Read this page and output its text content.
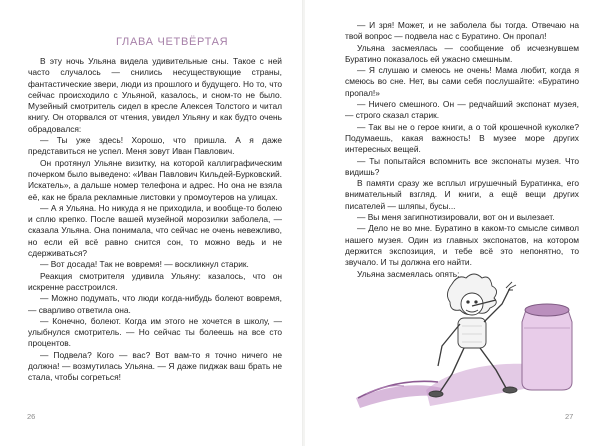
ГЛАВА ЧЕТВЁРТАЯ

В эту ночь Ульяна видела удивительные сны. Такое с ней часто случалось — снились несуществующие страны, фантастические звери, люди из прошлого и будущего. Но то, что сейчас происходило с Ульяной, казалось, и сном-то не было. Музейный смотритель сидел в кресле Алексея Толстого и читал книгу. Он оторвался от чтения, увидел Ульяну и как будто очень обрадовался:

— Ты уже здесь! Хорошо, что пришла. А я даже представиться не успел. Меня зовут Иван Павлович.

Он протянул Ульяне визитку, на которой каллиграфическим почерком было выведено: «Иван Павлович Кильдей-Бурковский. Искатель», а дальше номер телефона и адрес. Но она не взяла её, как не брала рекламные листовки у промоутеров на улицах.

— А я Ульяна. Но никуда я не приходила, и вообще-то болею и сплю крепко. После вашей музейной морозилки заболела, — сказала Ульяна. Она понимала, что сейчас не очень невежливо, но если ей всё равно снится сон, то можно ведь и не сдерживаться?

— Вот досада! Так не вовремя! — воскликнул старик.

Реакция смотрителя удивила Ульяну: казалось, что он искренне расстроился.

— Можно подумать, что люди когда-нибудь болеют вовремя, — сварливо ответила она.

— Конечно, болеют. Когда им этого не хочется в школу, — улыбнулся смотритель. — Но сейчас ты болеешь на все сто процентов.

— Подвела? Кого — вас? Вот вам-то я точно ничего не должна! — возмутилась Ульяна. — Я даже пиджак ваш брать не стала, чтобы согреться!

26	27

— И зря! Может, и не заболела бы тогда. Отвечаю на твой вопрос — подвела нас с Буратино. Он пропал!

Ульяна засмеялась — сообщение об исчезнувшем Буратино показалось ей ужасно смешным.

— Я слушаю и смеюсь не очень! Мама любит, когда я смеюсь во сне. Нет, вы сами себя послушайте: «Буратино пропал!»

— Ничего смешного. Он — редчайший экспонат музея, — строго сказал старик.

— Так вы не о герое книги, а о той крошечной куколке? Подумаешь, какая важность! В музее море других интересных вещей.

— Ты попытайся вспомнить все экспонаты музея. Что видишь?

В памяти сразу же всплыл игрушечный Буратинка, его внимательный взгляд. И книги, а ещё вещи других писателей — шляпы, бусы...

— Вы меня загипнотизировали, вот он и вылезает.

— Дело не во мне. Буратино в каком-то смысле символ нашего музея. Один из главных экспонатов, на котором держится экспозиция, и тебе всё это непонятно, то звучало. И ты должна его найти.

Ульяна засмеялась опять:
